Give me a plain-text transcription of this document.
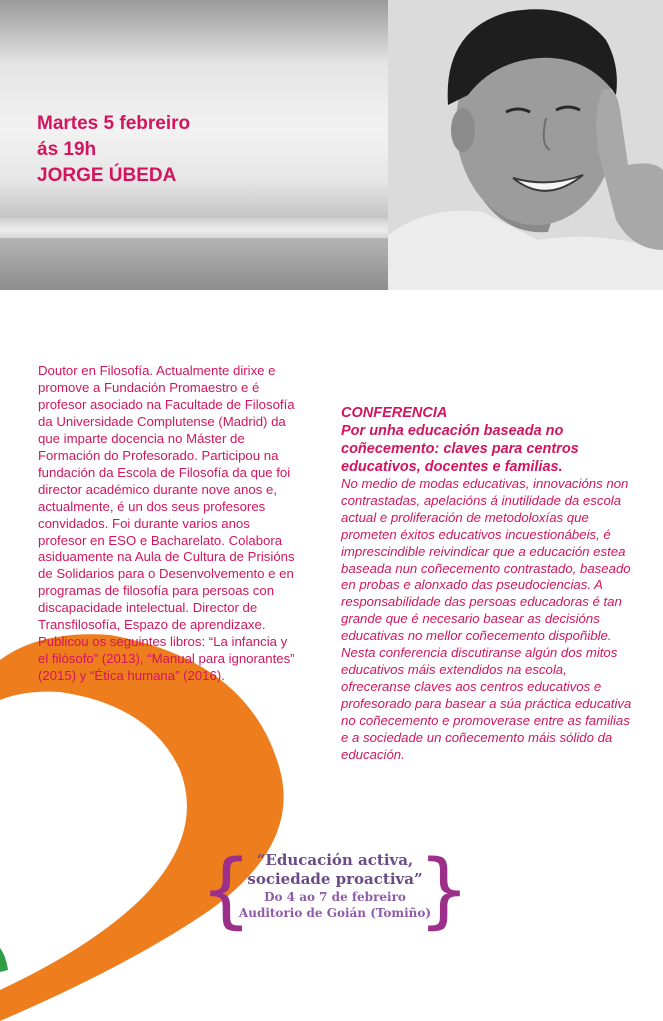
Martes 5 febreiro
ás 19h
JORGE ÚBEDA
Doutor en Filosofía. Actualmente dirixe e promove a Fundación Promaestro e é profesor asociado na Facultade de Filosofía da Universidade Complutense (Madrid) da que imparte docencia no Máster de Formación do Profesorado. Participou na fundación da Escola de Filosofía da que foi director académico durante nove anos e, actualmente, é un dos seus profesores convidados. Foi durante varios anos profesor en ESO e Bacharelato. Colabora asiduamente na Aula de Cultura de Prisións de Solidarios para o Desenvolvemento e en programas de filosofía para persoas con discapacidade intelectual. Director de Transfilosofía, Espazo de aprendizaxe. Publicou os seguintes libros: “La infancia y el filósofo” (2013), “Manual para ignorantes” (2015) y “Ética humana” (2016).
CONFERENCIA
Por unha educación baseada no coñecemento: claves para centros educativos, docentes e familias.
No medio de modas educativas, innovacións non contrastadas, apelacións á inutilidade da escola actual e proliferación de metodoloxías que prometen éxitos educativos incuestionábeis, é imprescindible reivindicar que a educación estea baseada nun coñecemento contrastado, baseado en probas e alonxado das pseudociencias. A responsabilidade das persoas educadoras é tan grande que é necesario basear as decisións educativas no mellor coñecemento dispoñible. Nesta conferencia discutiranse algún dos mitos educativos máis extendidos na escola, ofreceranse claves aos centros educativos e profesorado para basear a súa práctica educativa no coñecemento e promoverase entre as familias e a sociedade un coñecemento máis sólido da educación.
{ }
“Educación activa,
sociedade proactiva”
Do 4 ao 7 de febreiro
Auditorio de Goián (Tomiño)
